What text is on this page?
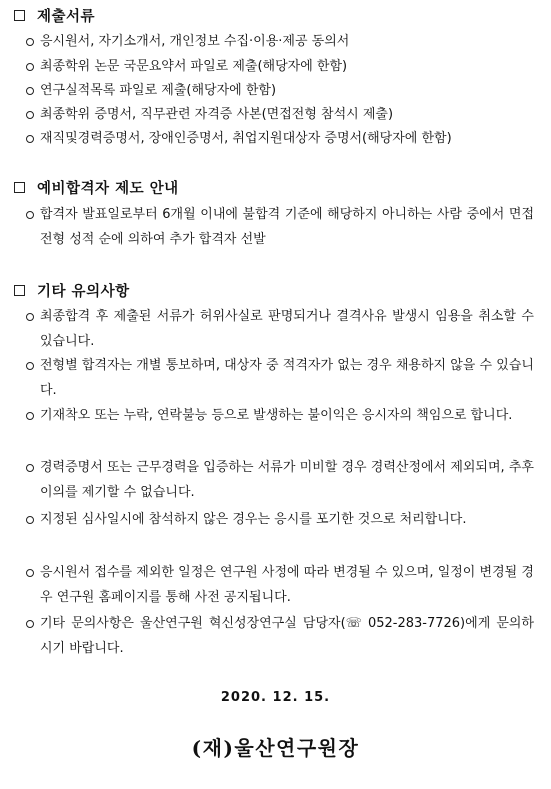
제출서류
응시원서, 자기소개서, 개인정보 수집·이용·제공 동의서
최종학위 논문 국문요약서 파일로 제출(해당자에 한함)
연구실적목록 파일로 제출(해당자에 한함)
최종학위 증명서, 직무관련 자격증 사본(면접전형 참석시 제출)
재직및경력증명서, 장애인증명서, 취업지원대상자 증명서(해당자에 한함)
예비합격자 제도 안내
합격자 발표일로부터 6개월 이내에 불합격 기준에 해당하지 아니하는 사람 중에서 면접전형 성적 순에 의하여 추가 합격자 선발
기타 유의사항
최종합격 후 제출된 서류가 허위사실로 판명되거나 결격사유 발생시 임용을 취소할 수 있습니다.
전형별 합격자는 개별 통보하며, 대상자 중 적격자가 없는 경우 채용하지 않을 수 있습니다.
기재착오 또는 누락, 연락불능 등으로 발생하는 불이익은 응시자의 책임으로 합니다.
경력증명서 또는 근무경력을 입증하는 서류가 미비할 경우 경력산정에서 제외되며, 추후 이의를 제기할 수 없습니다.
지정된 심사일시에 참석하지 않은 경우는 응시를 포기한 것으로 처리합니다.
응시원서 접수를 제외한 일정은 연구원 사정에 따라 변경될 수 있으며, 일정이 변경될 경우 연구원 홈페이지를 통해 사전 공지됩니다.
기타 문의사항은 울산연구원 혁신성장연구실 담당자(☏ 052-283-7726)에게 문의하시기 바랍니다.
2020. 12. 15.
(재)울산연구원장
